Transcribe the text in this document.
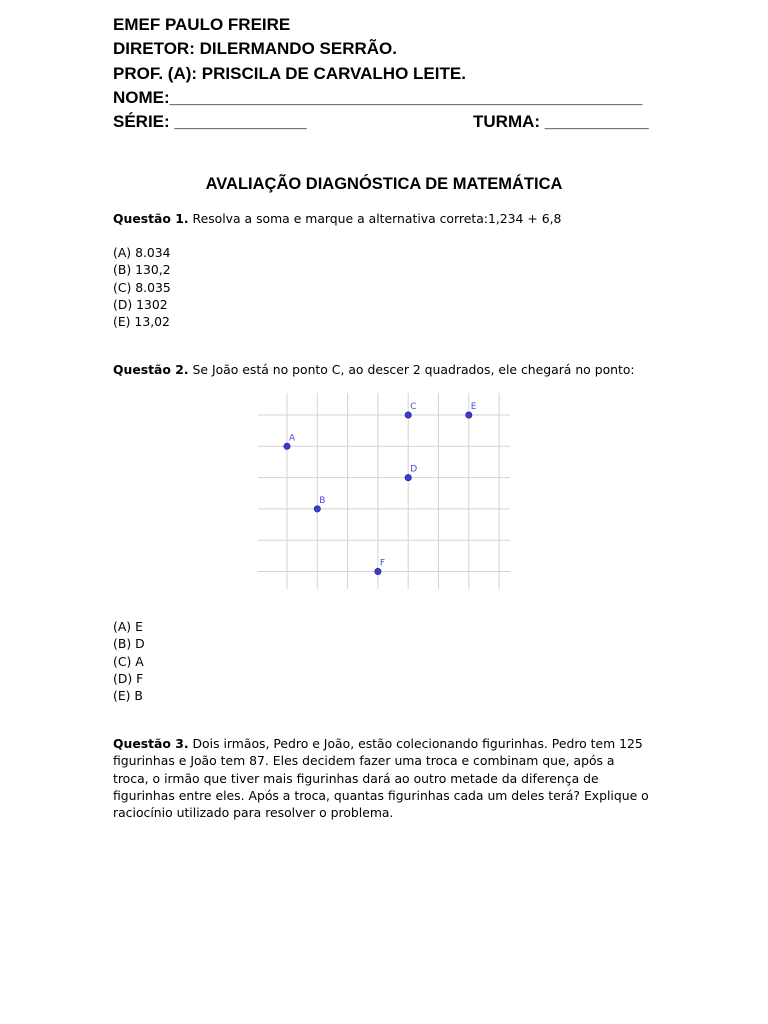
EMEF PAULO FREIRE
DIRETOR: DILERMANDO SERRÃO.
PROF. (A): PRISCILA DE CARVALHO LEITE.
NOME:__________________________________________________
SÉRIE: ______________	TURMA: ___________
AVALIAÇÃO DIAGNÓSTICA DE MATEMÁTICA
Questão 1. Resolva a soma e marque a alternativa correta:1,234 + 6,8
(A) 8.034
(B) 130,2
(C) 8.035
(D) 1302
(E) 13,02
Questão 2. Se João está no ponto C, ao descer 2 quadrados, ele chegará no ponto:
A
B
C
D
E
F
(A) E
(B) D
(C) A
(D) F
(E) B
Questão 3. Dois irmãos, Pedro e João, estão colecionando figurinhas. Pedro tem 125 figurinhas e João tem 87. Eles decidem fazer uma troca e combinam que, após a troca, o irmão que tiver mais figurinhas dará ao outro metade da diferença de figurinhas entre eles. Após a troca, quantas figurinhas cada um deles terá? Explique o raciocínio utilizado para resolver o problema.
